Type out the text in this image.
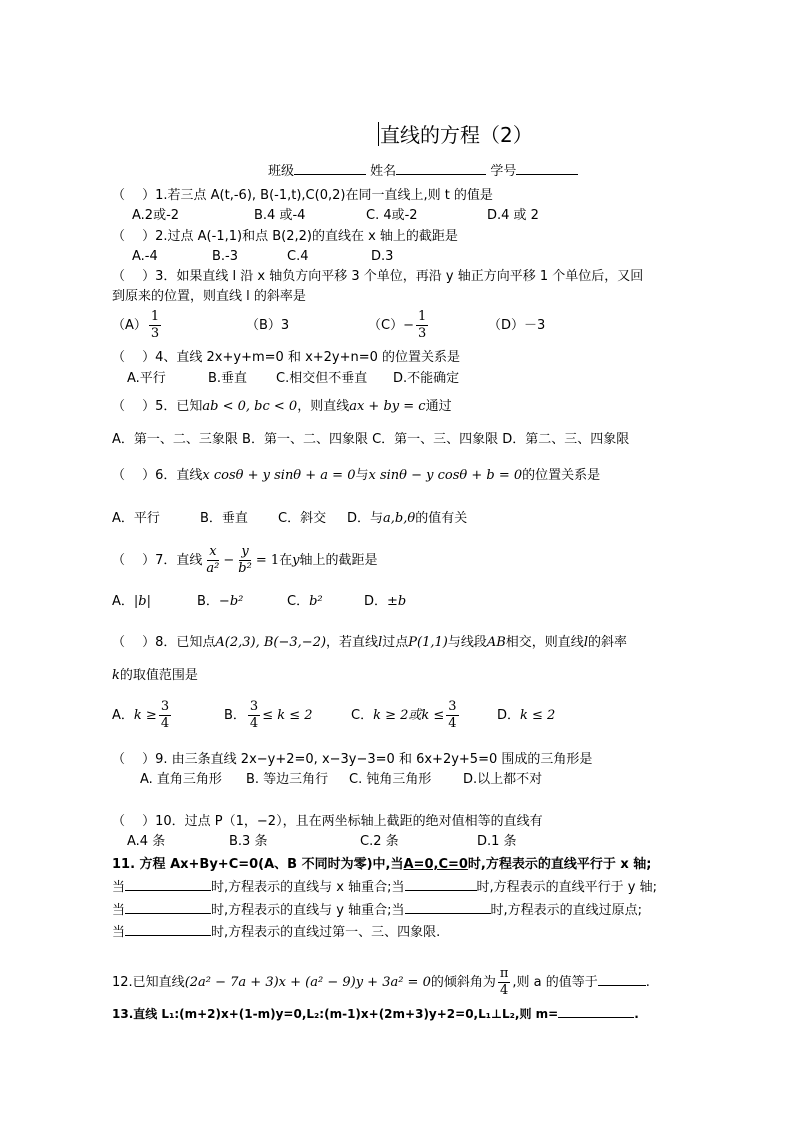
直线的方程（2）
班级	姓名	学号
（　 ）1.若三点 A(t,-6), B(-1,t),C(0,2)在同一直线上,则 t 的值是
A.2或-2	B.4 或-4	C. 4或-2	D.4 或 2
（　 ）2.过点 A(-1,1)和点 B(2,2)的直线在 x 轴上的截距是
A.-4	B.-3	C.4	D.3
（　 ）3．如果直线 l 沿 x 轴负方向平移 3 个单位，再沿 y 轴正方向平移 1 个单位后，又回
到原来的位置，则直线 l 的斜率是
$(A) \frac{1}{3}$	（B）3	$(C)- \frac{1}{3}$	（D）－3
（　 ）4、直线 2x+y+m=0 和 x+2y+n=0 的位置关系是
A.平行	B.垂直 C.相交但不垂直 D.不能确定
（　 ）5．已知ab < 0, bc < 0，则直线ax + by = c通过
A．第一、二、三象限 B．第一、二、四象限 C．第一、三、四象限 D．第二、三、四象限
（　 ）6．直线x cosθ + y sinθ + a = 0与x sinθ − y cosθ + b = 0的位置关系是
A．平行	B．垂直 C．斜交 D．与a,b,θ的值有关
（　 ）7．直线 $\frac{x}{\text{a²}} - \frac{y}{\text{b²}} = 1$在y轴上的截距是
A．|b|	B．−b²	C．b²	D．±b
（　 ）8．已知点A(2,3), B(−3,−2)，若直线l过点P(1,1)与线段AB相交，则直线l的斜率
k的取值范围是
A．$k \ge \frac{3}{4}$	B． $\frac{3}{4} \le k \le 2$	C．k ≥ 2或$k \le \frac{3}{4}$	D．k ≤ 2
（　 ）9. 由三条直线 2x−y+2=0, x−3y−3=0 和 6x+2y+5=0 围成的三角形是
A. 直角三角形 B. 等边三角行 C. 钝角三角形 D.以上都不对
（　 ）10．过点 P（1，−2），且在两坐标轴上截距的绝对值相等的直线有
A.4 条	B.3 条	C.2 条	D.1 条
11. 方程 Ax+By+C=0(A、B 不同时为零)中,当A=0,C=0时,方程表示的直线平行于 x 轴;
当	时,方程表示的直线与 x 轴重合;当	时,方程表示的直线平行于 y 轴;
当	时,方程表示的直线与 y 轴重合;当	时,方程表示的直线过原点;
当	时,方程表示的直线过第一、三、四象限.
12.已知直线(2a² − 7a + 3)x + (a² − 9)y + 3a² = 0的倾斜角为 $\frac{\pi}{4}$ ,则 a 的值等于	.
13.直线 L₁:(m+2)x+(1-m)y=0,L₂:(m-1)x+(2m+3)y+2=0,L₁⊥L₂,则 m=	.
